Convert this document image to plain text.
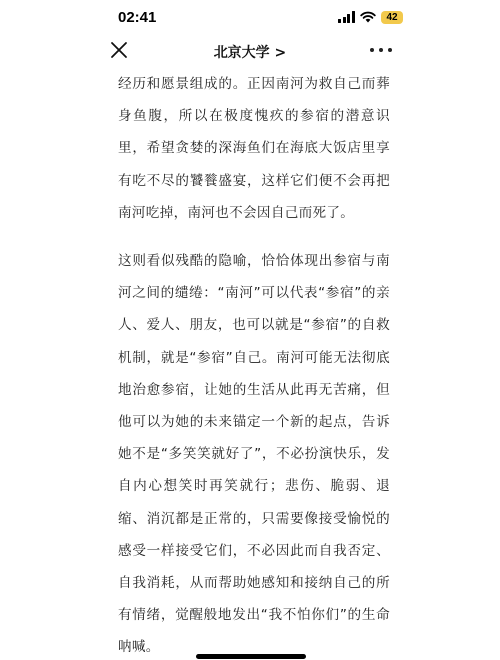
02:41	42
北京大学 >

经历和愿景组成的。正因南河为救自己而葬身鱼腹，所以在极度愧疚的参宿的潜意识里，希望贪婪的深海鱼们在海底大饭店里享有吃不尽的饕餮盛宴，这样它们便不会再把南河吃掉，南河也不会因自己而死了。

这则看似残酷的隐喻，恰恰体现出参宿与南河之间的缱绻：“南河”可以代表“参宿”的亲人、爱人、朋友，也可以就是“参宿”的自救机制，就是“参宿”自己。南河可能无法彻底地治愈参宿，让她的生活从此再无苦痛，但他可以为她的未来锚定一个新的起点，告诉她不是“多笑笑就好了”，不必扮演快乐，发自内心想笑时再笑就行；悲伤、脆弱、退缩、消沉都是正常的，只需要像接受愉悦的感受一样接受它们，不必因此而自我否定、自我消耗，从而帮助她感知和接纳自己的所有情绪，觉醒般地发出“我不怕你们”的生命呐喊。
